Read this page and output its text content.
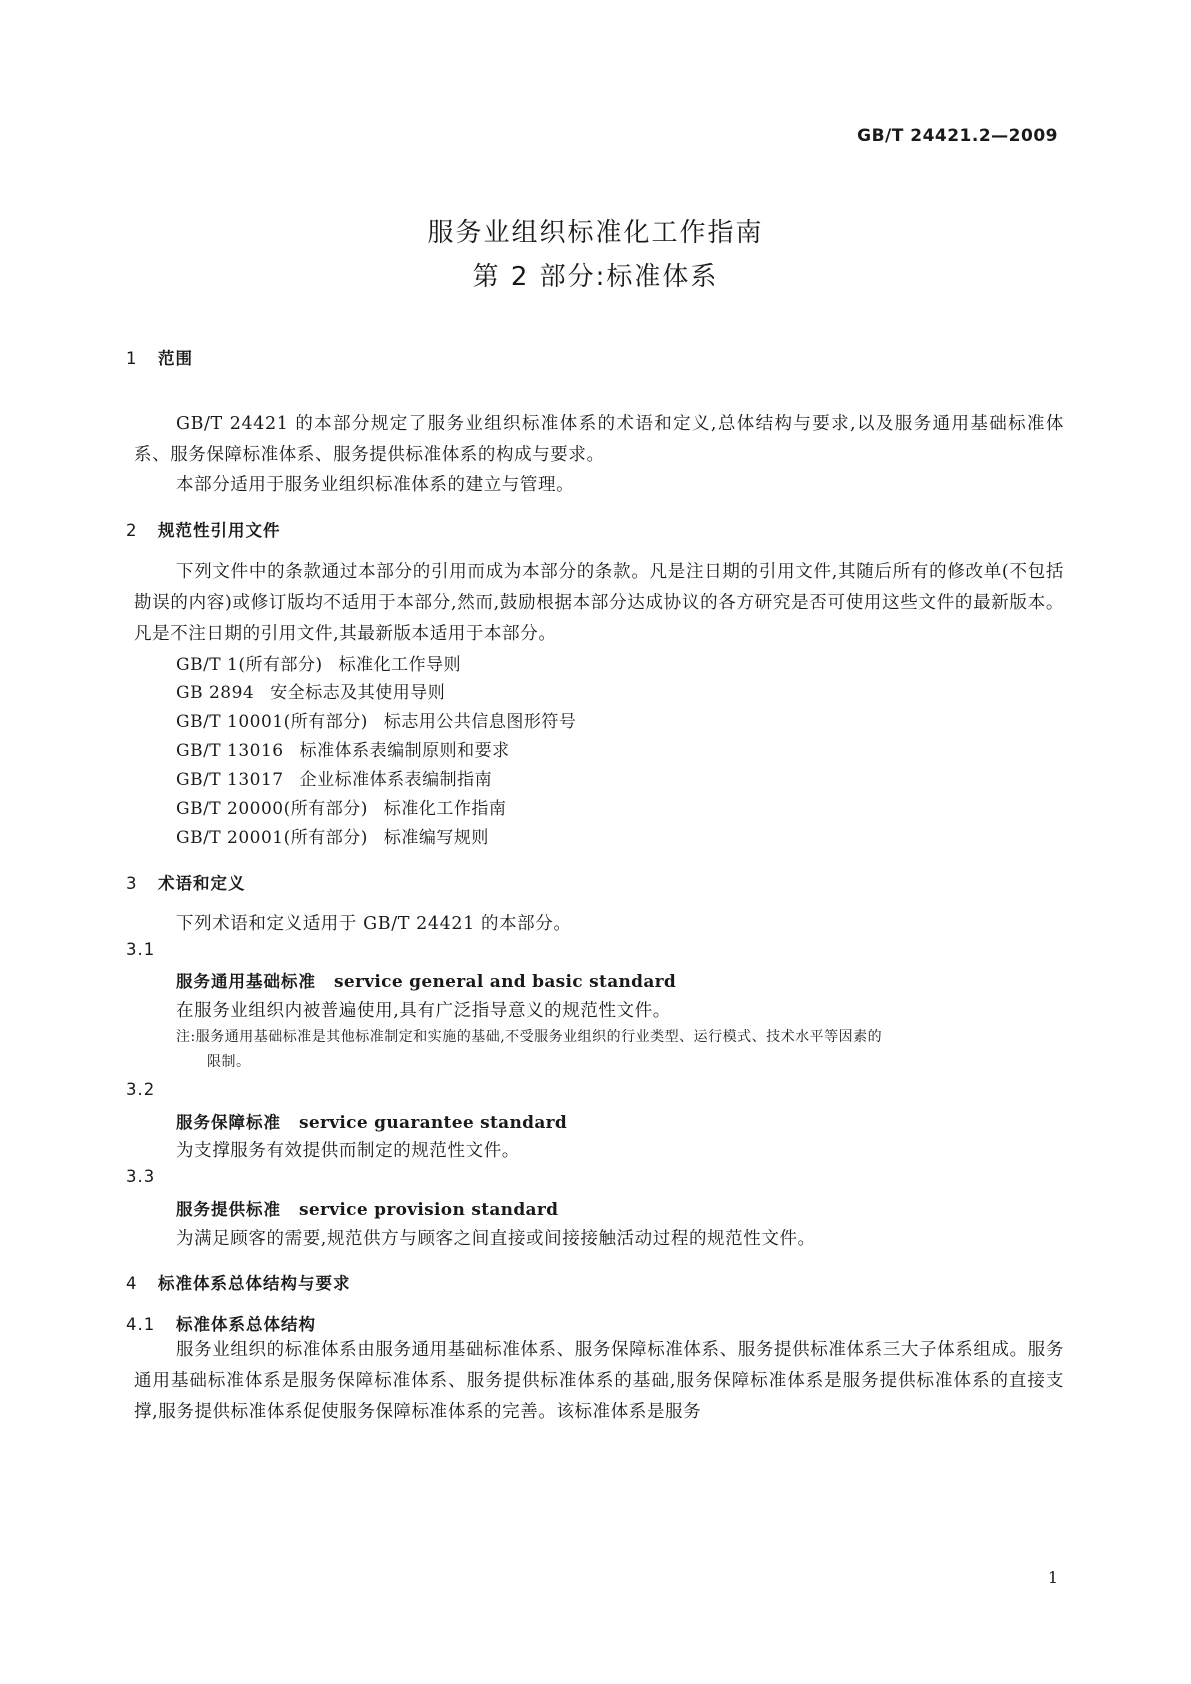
GB/T 24421.2—2009
服务业组织标准化工作指南
第 2 部分:标准体系
1 范围
GB/T 24421 的本部分规定了服务业组织标准体系的术语和定义,总体结构与要求,以及服务通用基础标准体系、服务保障标准体系、服务提供标准体系的构成与要求。
本部分适用于服务业组织标准体系的建立与管理。
2 规范性引用文件
下列文件中的条款通过本部分的引用而成为本部分的条款。凡是注日期的引用文件,其随后所有的修改单(不包括勘误的内容)或修订版均不适用于本部分,然而,鼓励根据本部分达成协议的各方研究是否可使用这些文件的最新版本。凡是不注日期的引用文件,其最新版本适用于本部分。
GB/T 1(所有部分) 标准化工作导则
GB 2894 安全标志及其使用导则
GB/T 10001(所有部分) 标志用公共信息图形符号
GB/T 13016 标准体系表编制原则和要求
GB/T 13017 企业标准体系表编制指南
GB/T 20000(所有部分) 标准化工作指南
GB/T 20001(所有部分) 标准编写规则
3 术语和定义
下列术语和定义适用于 GB/T 24421 的本部分。
3.1
服务通用基础标准 service general and basic standard
在服务业组织内被普遍使用,具有广泛指导意义的规范性文件。
注:服务通用基础标准是其他标准制定和实施的基础,不受服务业组织的行业类型、运行模式、技术水平等因素的
限制。
3.2
服务保障标准 service guarantee standard
为支撑服务有效提供而制定的规范性文件。
3.3
服务提供标准 service provision standard
为满足顾客的需要,规范供方与顾客之间直接或间接接触活动过程的规范性文件。
4 标准体系总体结构与要求
4.1 标准体系总体结构
服务业组织的标准体系由服务通用基础标准体系、服务保障标准体系、服务提供标准体系三大子体系组成。服务通用基础标准体系是服务保障标准体系、服务提供标准体系的基础,服务保障标准体系是服务提供标准体系的直接支撑,服务提供标准体系促使服务保障标准体系的完善。该标准体系是服务
1
